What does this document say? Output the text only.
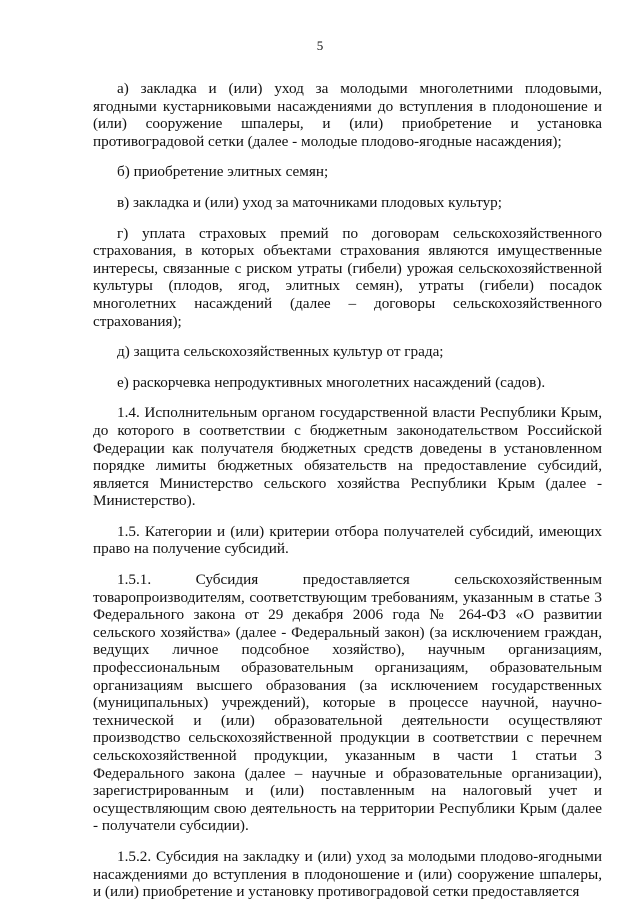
5

а) закладка и (или) уход за молодыми многолетними плодовыми, ягодными кустарниковыми насаждениями до вступления в плодоношение и (или) сооружение шпалеры, и (или) приобретение и установка противоградовой сетки (далее - молодые плодово-ягодные насаждения);

б) приобретение элитных семян;

в) закладка и (или) уход за маточниками плодовых культур;

г) уплата страховых премий по договорам сельскохозяйственного страхования, в которых объектами страхования являются имущественные интересы, связанные с риском утраты (гибели) урожая сельскохозяйственной культуры (плодов, ягод, элитных семян), утраты (гибели) посадок многолетних насаждений (далее – договоры сельскохозяйственного страхования);

д) защита сельскохозяйственных культур от града;

е) раскорчевка непродуктивных многолетних насаждений (садов).

1.4. Исполнительным органом государственной власти Республики Крым, до которого в соответствии с бюджетным законодательством Российской Федерации как получателя бюджетных средств доведены в установленном порядке лимиты бюджетных обязательств на предоставление субсидий, является Министерство сельского хозяйства Республики Крым (далее - Министерство).

1.5. Категории и (или) критерии отбора получателей субсидий, имеющих право на получение субсидий.

1.5.1. Субсидия предоставляется сельскохозяйственным товаропроизводителям, соответствующим требованиям, указанным в статье 3 Федерального закона от 29 декабря 2006 года № 264-ФЗ «О развитии сельского хозяйства» (далее - Федеральный закон) (за исключением граждан, ведущих личное подсобное хозяйство), научным организациям, профессиональным образовательным организациям, образовательным организациям высшего образования (за исключением государственных (муниципальных) учреждений), которые в процессе научной, научно-технической и (или) образовательной деятельности осуществляют производство сельскохозяйственной продукции в соответствии с перечнем сельскохозяйственной продукции, указанным в части 1 статьи 3 Федерального закона (далее – научные и образовательные организации), зарегистрированным и (или) поставленным на налоговый учет и осуществляющим свою деятельность на территории Республики Крым (далее - получатели субсидии).

1.5.2. Субсидия на закладку и (или) уход за молодыми плодово-ягодными насаждениями до вступления в плодоношение и (или) сооружение шпалеры, и (или) приобретение и установку противоградовой сетки предоставляется
